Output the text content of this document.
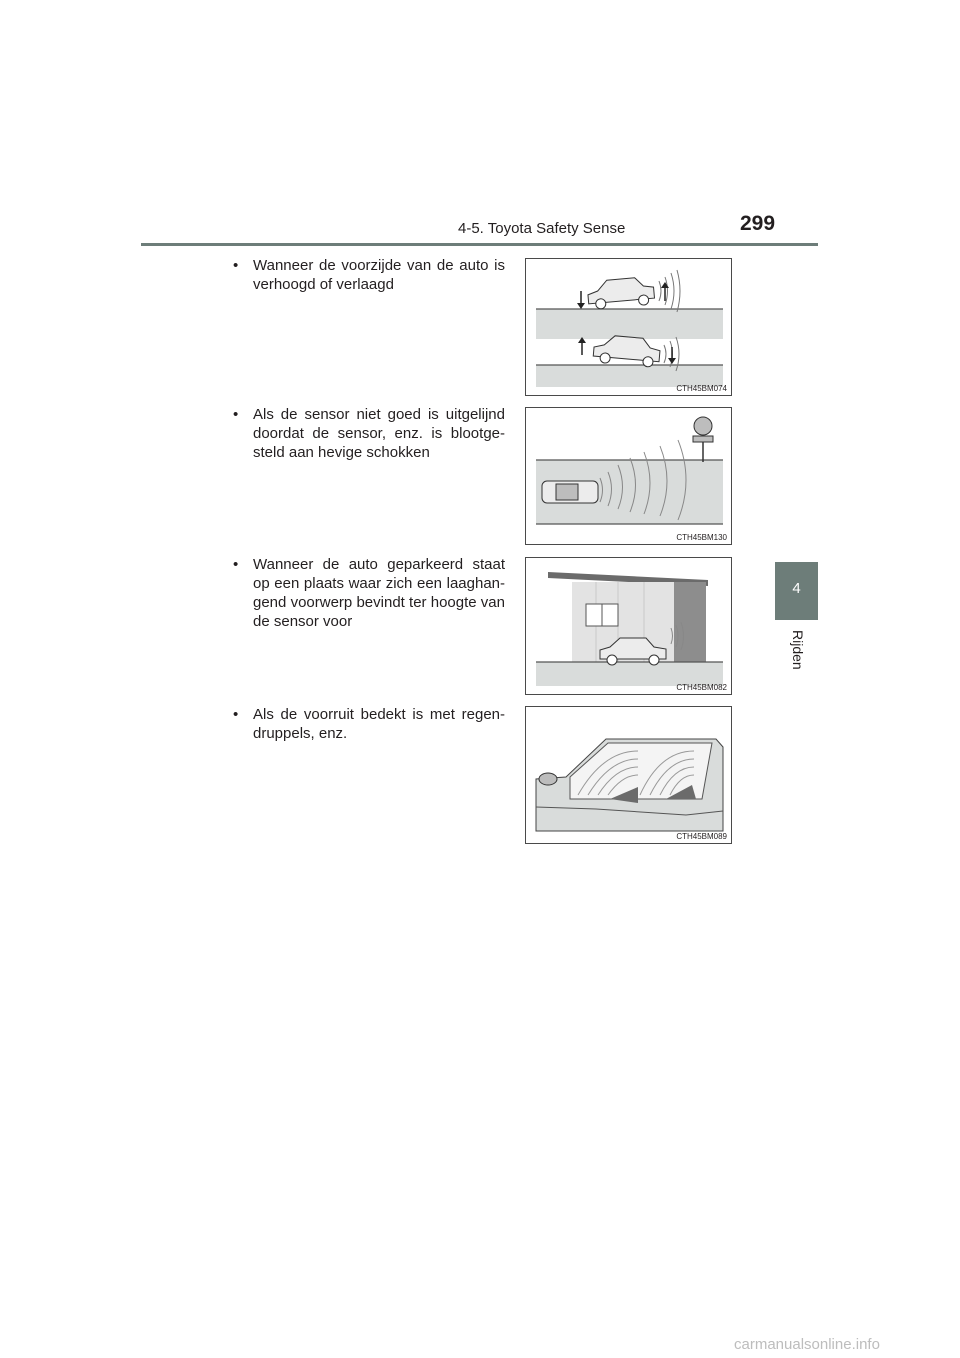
4-5. Toyota Safety Sense	299
4
Rijden
• Wanneer de voorzijde van de auto is verhoogd of verlaagd
CTH45BM074
• Als de sensor niet goed is uitgelijnd doordat de sensor, enz. is blootge-steld aan hevige schokken
CTH45BM130
• Wanneer de auto geparkeerd staat op een plaats waar zich een laaghan-gend voorwerp bevindt ter hoogte van de sensor voor
CTH45BM082
• Als de voorruit bedekt is met regen-druppels, enz.
CTH45BM089
carmanualsonline.info
